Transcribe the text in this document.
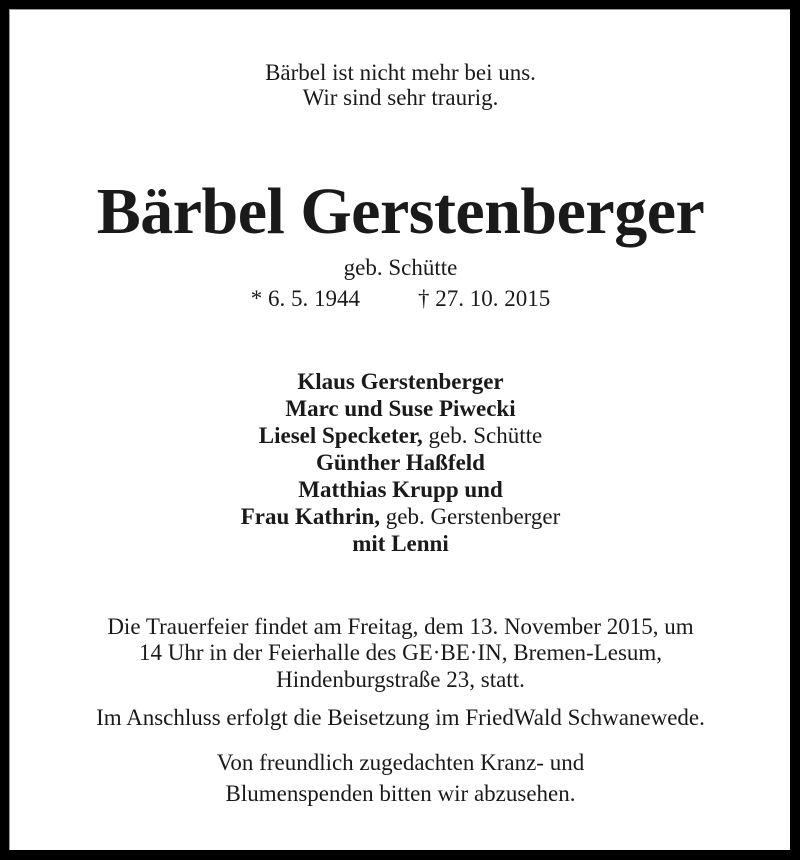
Bärbel ist nicht mehr bei uns.
Wir sind sehr traurig.
Bärbel Gerstenberger
geb. Schütte
* 6. 5. 1944	† 27. 10. 2015
Klaus Gerstenberger
Marc und Suse Piwecki
Liesel Specketer, geb. Schütte
Günther Haßfeld
Matthias Krupp und
Frau Kathrin, geb. Gerstenberger
mit Lenni
Die Trauerfeier findet am Freitag, dem 13. November 2015, um
14 Uhr in der Feierhalle des GE·BE·IN, Bremen-Lesum,
Hindenburgstraße 23, statt.
Im Anschluss erfolgt die Beisetzung im FriedWald Schwanewede.
Von freundlich zugedachten Kranz- und
Blumenspenden bitten wir abzusehen.
